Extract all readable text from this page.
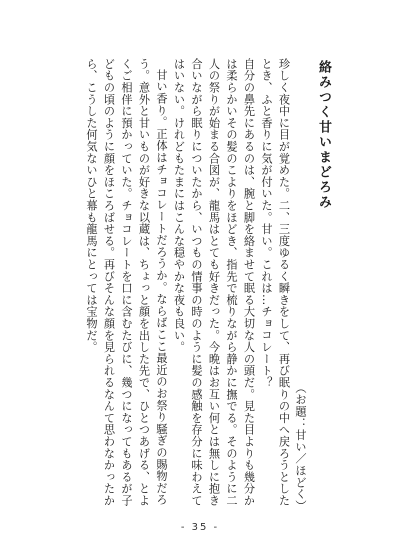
絡みつく甘いまどろみ

珍しく夜中に目が覚めた。二、三度ゆるく瞬きをして、再び眠りの中へ戻ろうとしたとき、ふと香りに気が付いた。甘い。これは…チョコレート？

自分の鼻先にあるのは、腕と脚を絡ませて眠る大切な人の頭だ。見た目よりも幾分かは柔らかいその髪のこよりをほどき、指先で梳りながら静かに撫でる。そのように二人の祭りが始まる合図が、龍馬はとても好きだった。今晩はお互い何とは無しに抱き合いながら眠りについたから、いつもの情事の時のように髪の感触を存分に味わえてはいない。けれどもたまにはこんな穏やかな夜も良い。

甘い香り。正体はチョコレートだろうか。ならばここ最近のお祭り騒ぎの賜物だろう。意外と甘いものが好きな以蔵は、ちょっと顔を出した先で、ひとつあげる、とよくご相伴に預かっていた。チョコレートを口に含むたびに、幾つになってもあるが子どもの頃のように顔をほころばせる。再びそんな顔を見られるなんて思わなかったから、こうした何気ないひと幕も龍馬にとっては宝物だ。

（お題：甘い／ほどく）
- 35 -
